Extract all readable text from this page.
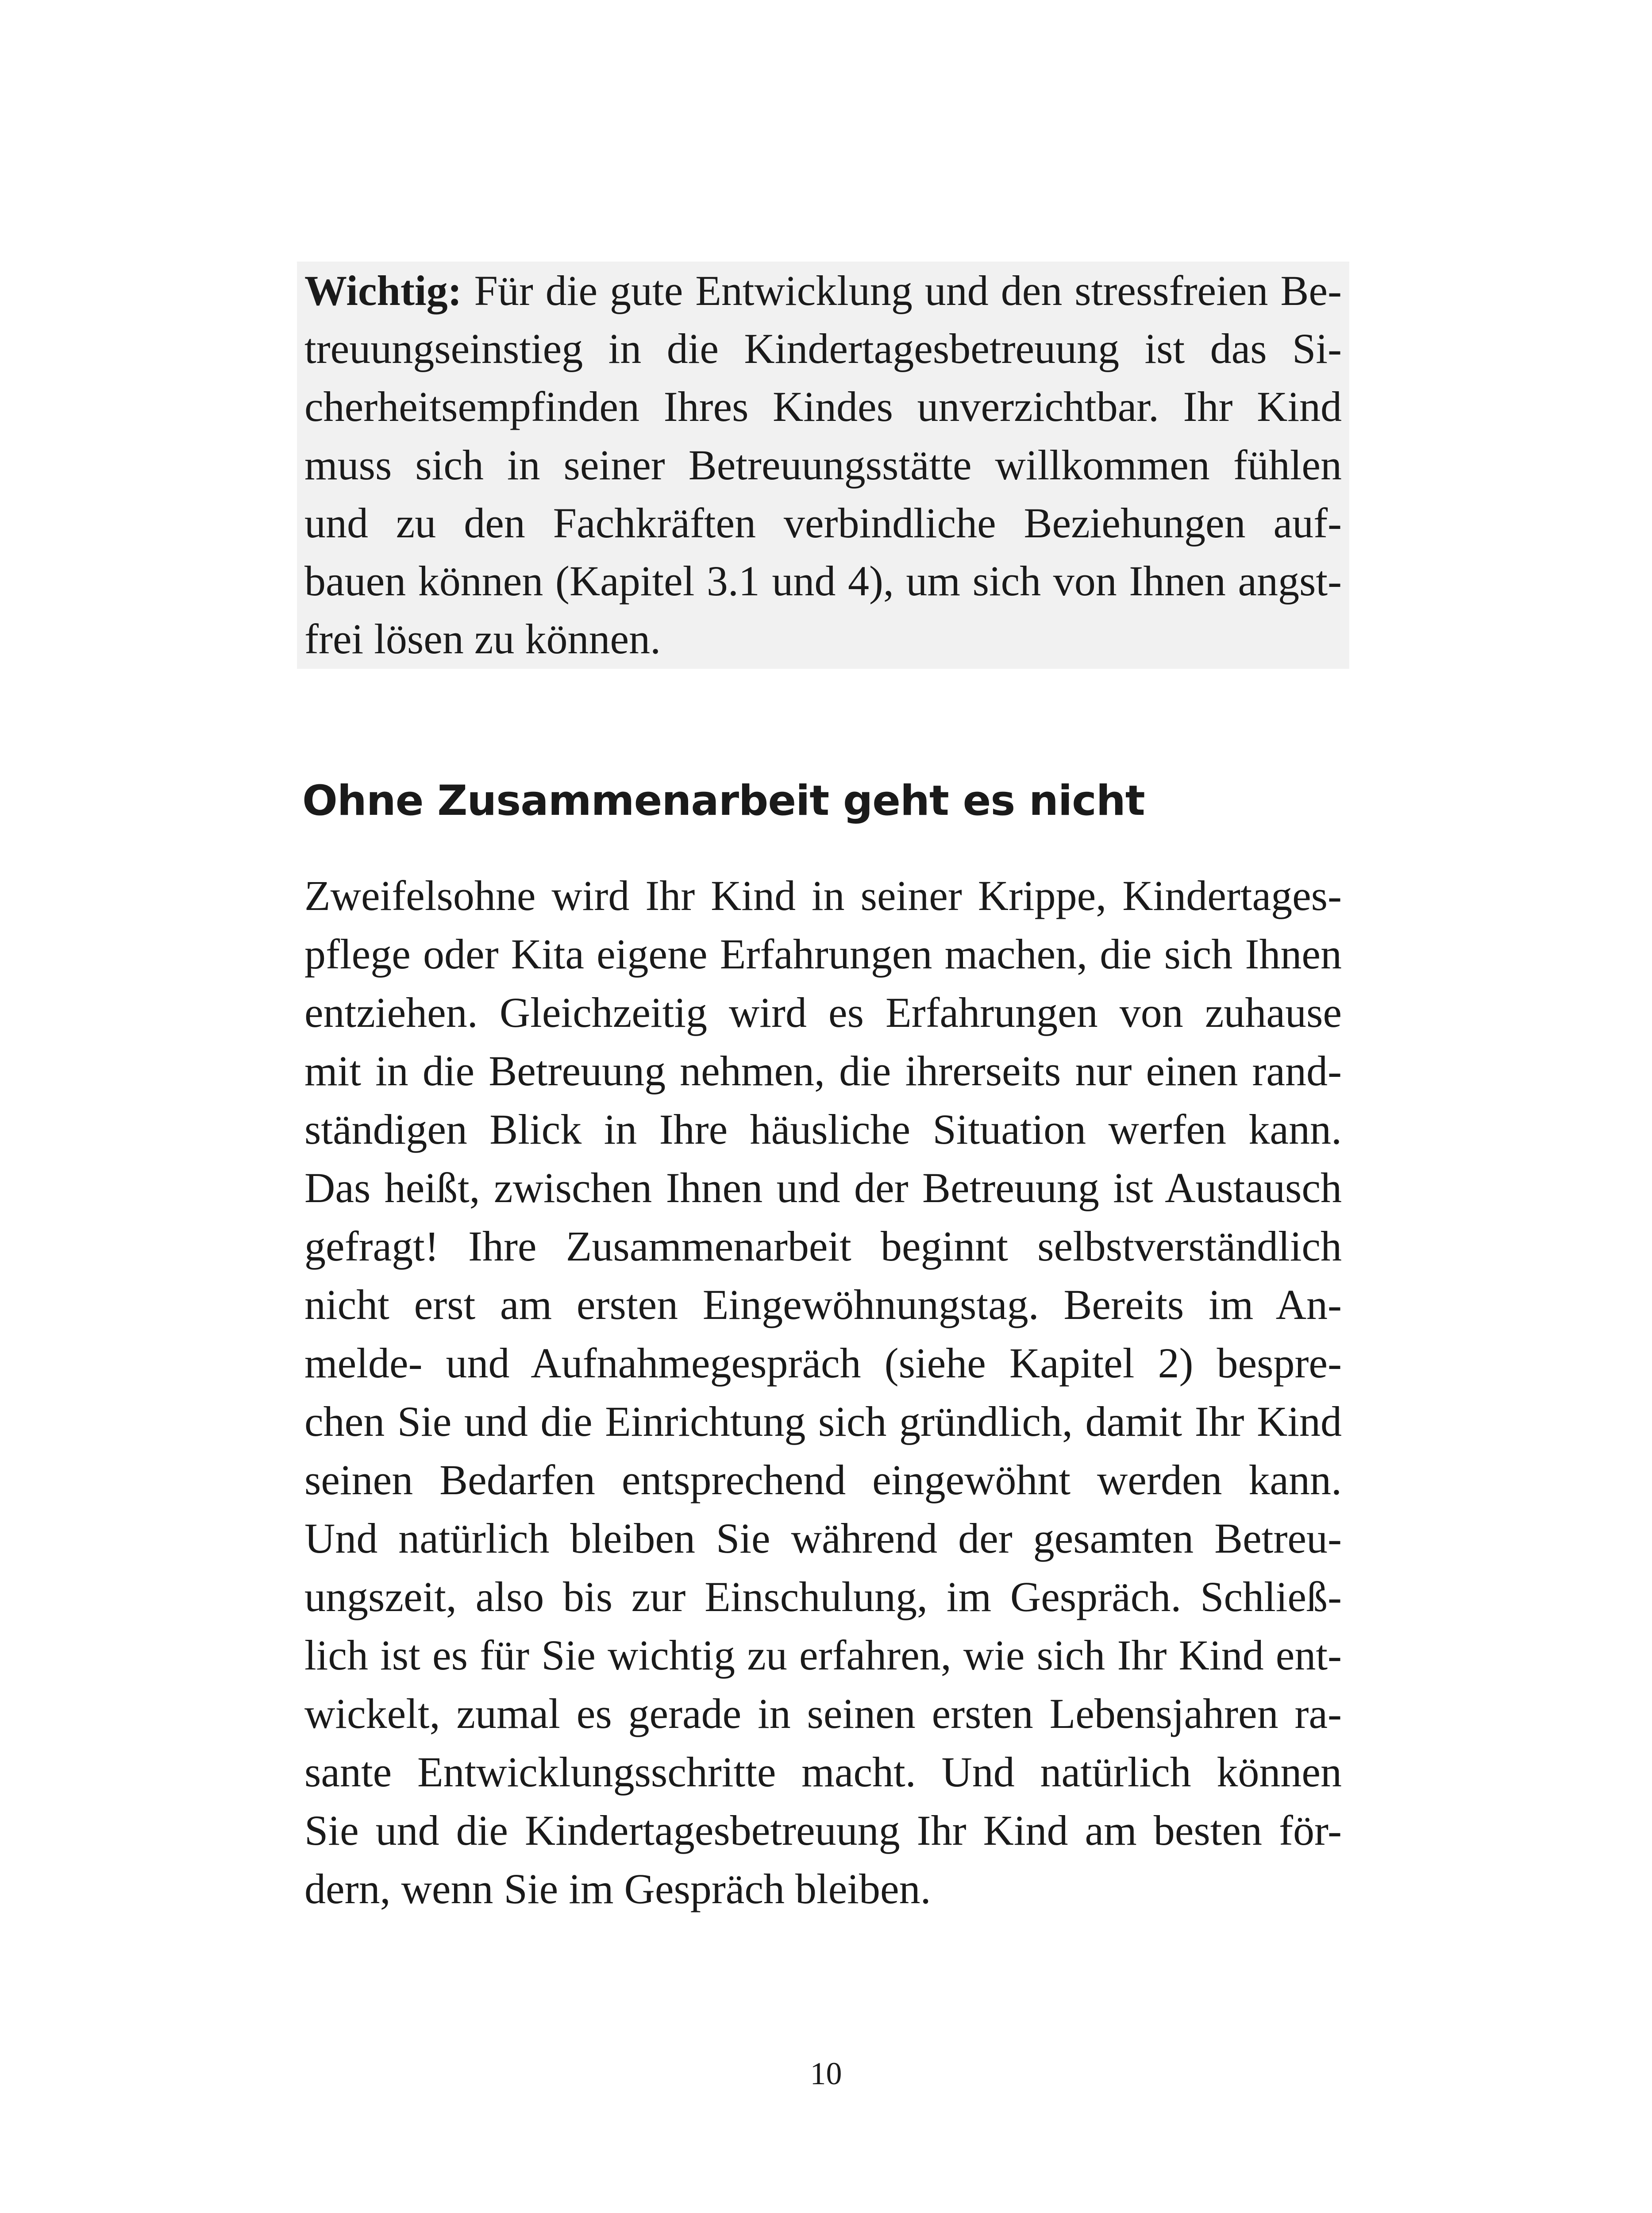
Wichtig: Für die gute Entwicklung und den stressfreien Be-
treuungseinstieg in die Kindertagesbetreuung ist das Si-
cherheitsempfinden Ihres Kindes unverzichtbar. Ihr Kind
muss sich in seiner Betreuungsstätte willkommen fühlen
und zu den Fachkräften verbindliche Beziehungen auf-
bauen können (Kapitel 3.1 und 4), um sich von Ihnen angst-
frei lösen zu können.
Ohne Zusammenarbeit geht es nicht
Zweifelsohne wird Ihr Kind in seiner Krippe, Kindertages-
pflege oder Kita eigene Erfahrungen machen, die sich Ihnen
entziehen. Gleichzeitig wird es Erfahrungen von zuhause
mit in die Betreuung nehmen, die ihrerseits nur einen rand-
ständigen Blick in Ihre häusliche Situation werfen kann.
Das heißt, zwischen Ihnen und der Betreuung ist Austausch
gefragt! Ihre Zusammenarbeit beginnt selbstverständlich
nicht erst am ersten Eingewöhnungstag. Bereits im An-
melde- und Aufnahmegespräch (siehe Kapitel 2) bespre-
chen Sie und die Einrichtung sich gründlich, damit Ihr Kind
seinen Bedarfen entsprechend eingewöhnt werden kann.
Und natürlich bleiben Sie während der gesamten Betreu-
ungszeit, also bis zur Einschulung, im Gespräch. Schließ-
lich ist es für Sie wichtig zu erfahren, wie sich Ihr Kind ent-
wickelt, zumal es gerade in seinen ersten Lebensjahren ra-
sante Entwicklungsschritte macht. Und natürlich können
Sie und die Kindertagesbetreuung Ihr Kind am besten för-
dern, wenn Sie im Gespräch bleiben.
10
